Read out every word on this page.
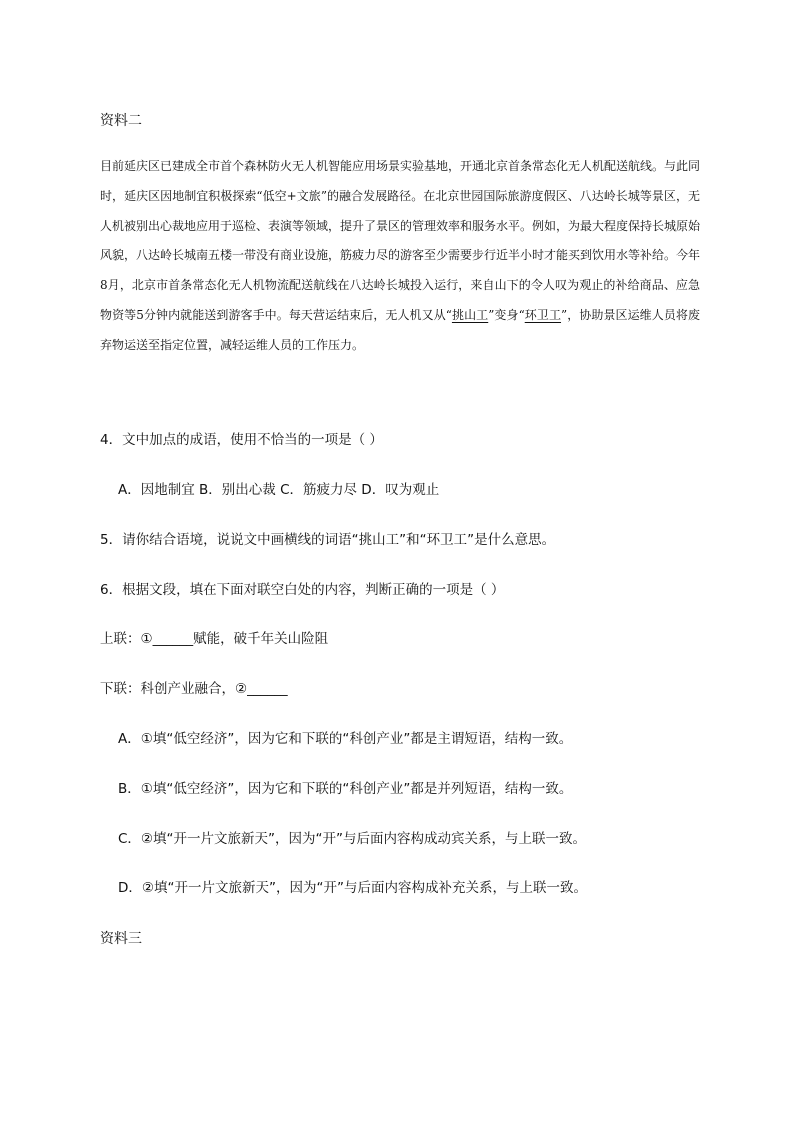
资料二
目前延庆区已建成全市首个森林防火无人机智能应用场景实验基地，开通北京首条常态化无人机配送航线。与此同时，延庆区因地制宜积极探索“低空+文旅”的融合发展路径。在北京世园国际旅游度假区、八达岭长城等景区，无人机被别出心裁地应用于巡检、表演等领域，提升了景区的管理效率和服务水平。例如，为最大程度保持长城原始风貌，八达岭长城南五楼一带没有商业设施，筋疲力尽的游客至少需要步行近半小时才能买到饮用水等补给。今年8月，北京市首条常态化无人机物流配送航线在八达岭长城投入运行，来自山下的令人叹为观止的补给商品、应急物资等5分钟内就能送到游客手中。每天营运结束后，无人机又从“挑山工”变身“环卫工”，协助景区运维人员将废弃物运送至指定位置，减轻运维人员的工作压力。
4．文中加点的成语，使用不恰当的一项是（ ）
A．因地制宜 B．别出心裁 C．筋疲力尽 D．叹为观止
5．请你结合语境，说说文中画横线的词语“挑山工”和“环卫工”是什么意思。
6．根据文段，填在下面对联空白处的内容，判断正确的一项是（ ）
上联：①______赋能，破千年关山险阻
下联：科创产业融合，②______
A．①填“低空经济”，因为它和下联的“科创产业”都是主谓短语，结构一致。
B．①填“低空经济”，因为它和下联的“科创产业”都是并列短语，结构一致。
C．②填“开一片文旅新天”，因为“开”与后面内容构成动宾关系，与上联一致。
D．②填“开一片文旅新天”，因为“开”与后面内容构成补充关系，与上联一致。
资料三
